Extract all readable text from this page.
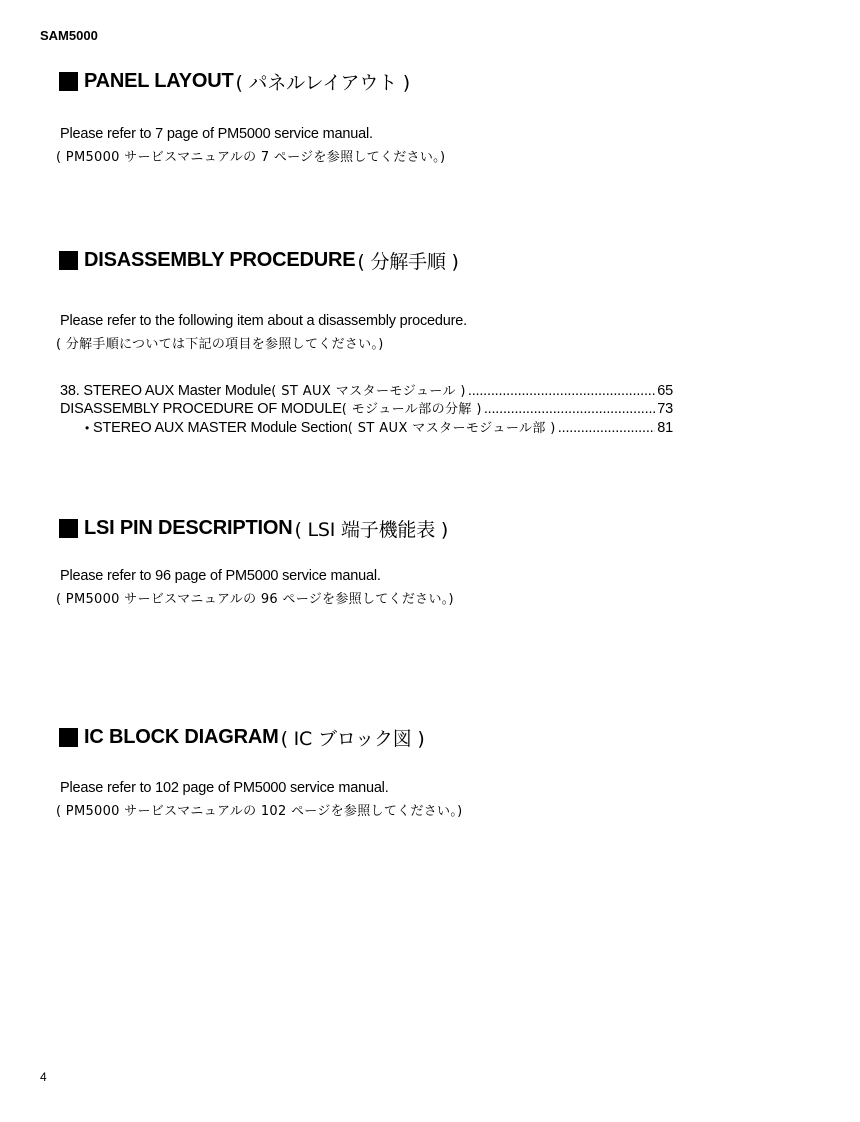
SAM5000
PANEL LAYOUT ( パネルレイアウト )
Please refer to 7 page of PM5000 service manual.
( PM5000 サービスマニュアルの 7 ページを参照してください。)
DISASSEMBLY PROCEDURE ( 分解手順 )
Please refer to the following item about a disassembly procedure.
( 分解手順については下記の項目を参照してください。)
38. STEREO AUX Master Module ( ST AUX マスターモジュール ) .....	65
DISASSEMBLY PROCEDURE OF MODULE ( モジュール部の分解 ) .....	73
• STEREO AUX MASTER Module Section ( ST AUX マスターモジュール部 ) .....	81
LSI PIN DESCRIPTION ( LSI 端子機能表 )
Please refer to 96 page of PM5000 service manual.
( PM5000 サービスマニュアルの 96 ページを参照してください。)
IC BLOCK DIAGRAM ( IC ブロック図 )
Please refer to 102 page of PM5000 service manual.
( PM5000 サービスマニュアルの 102 ページを参照してください。)
4
